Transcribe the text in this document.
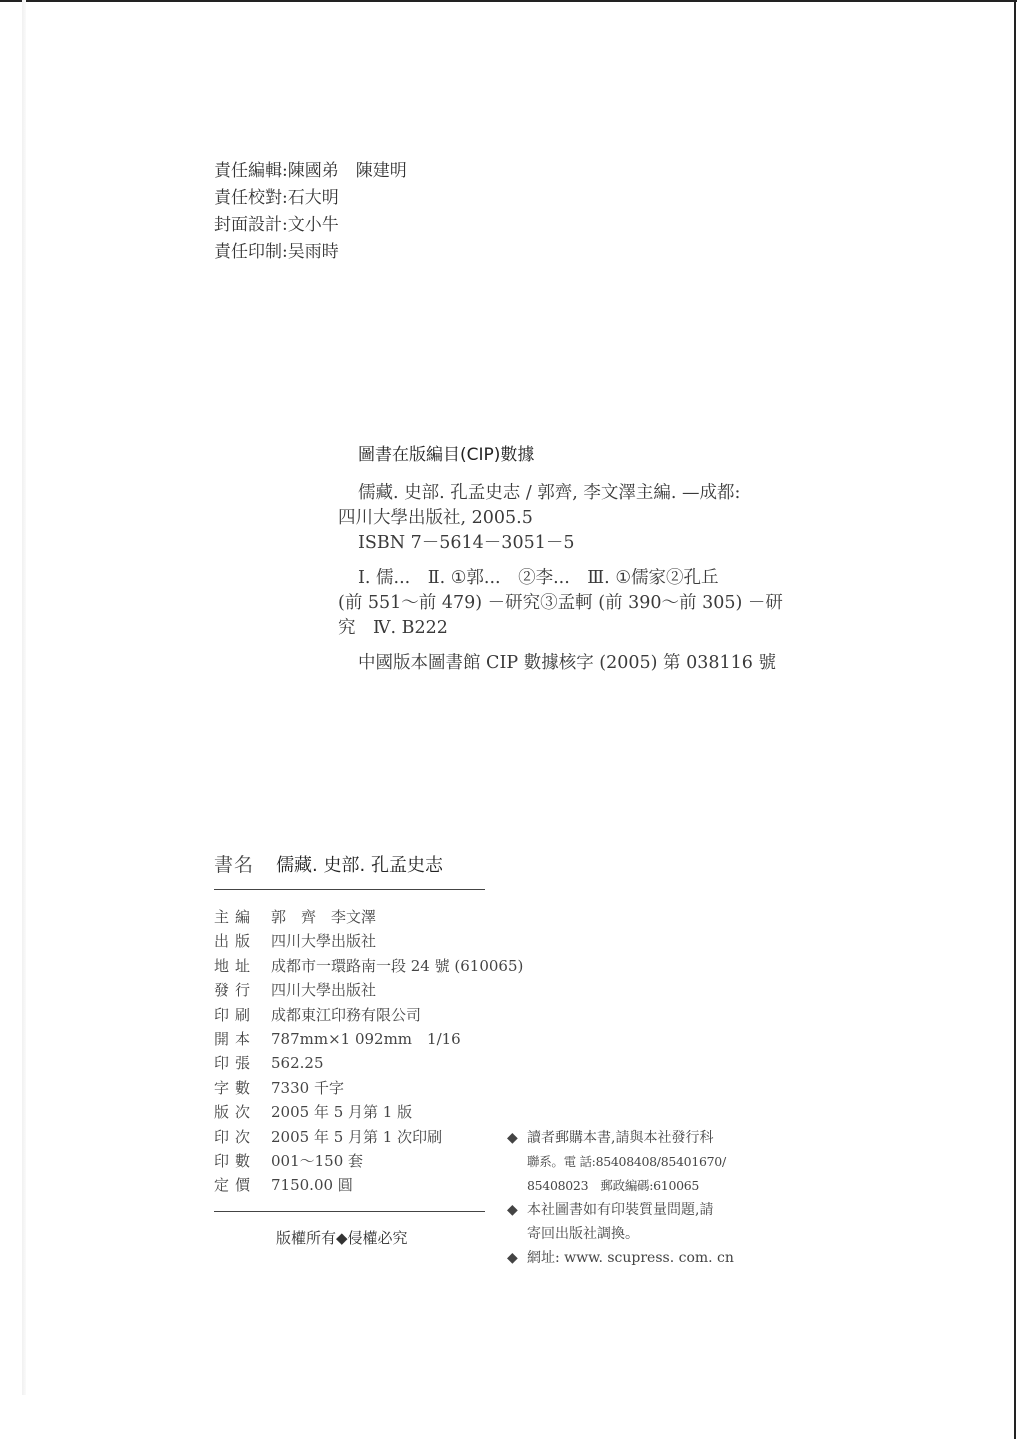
責任編輯:陳國弟　陳建明
責任校對:石大明
封面設計:文小牛
責任印制:吴雨時
圖書在版編目(CIP)數據

儒藏. 史部. 孔孟史志 / 郭齊, 李文澤主編. —成都:

四川大學出版社, 2005.5

ISBN 7－5614－3051－5

Ⅰ. 儒...　Ⅱ. ①郭...　②李...　Ⅲ. ①儒家②孔丘

(前 551～前 479) －研究③孟軻 (前 390～前 305) －研

究　Ⅳ. B222

中國版本圖書館 CIP 數據核字 (2005) 第 038116 號

書名 儒藏. 史部. 孔孟史志
主編 郭　齊　李文澤
出版 四川大學出版社
地址 成都市一環路南一段 24 號 (610065)
發行 四川大學出版社
印刷 成都東江印務有限公司
開本 787mm×1 092mm　1/16
印張 562.25
字數 7330 千字
版次 2005 年 5 月第 1 版
印次 2005 年 5 月第 1 次印刷
印數 001～150 套
定價 7150.00 圓
版權所有◆侵權必究
◆ 讀者郵購本書,請與本社發行科

聯系。電 話:85408408/85401670/

85408023　郵政編碼:610065

◆ 本社圖書如有印裝質量問題,請

寄回出版社調換。

◆ 網址: www. scupress. com. cn
